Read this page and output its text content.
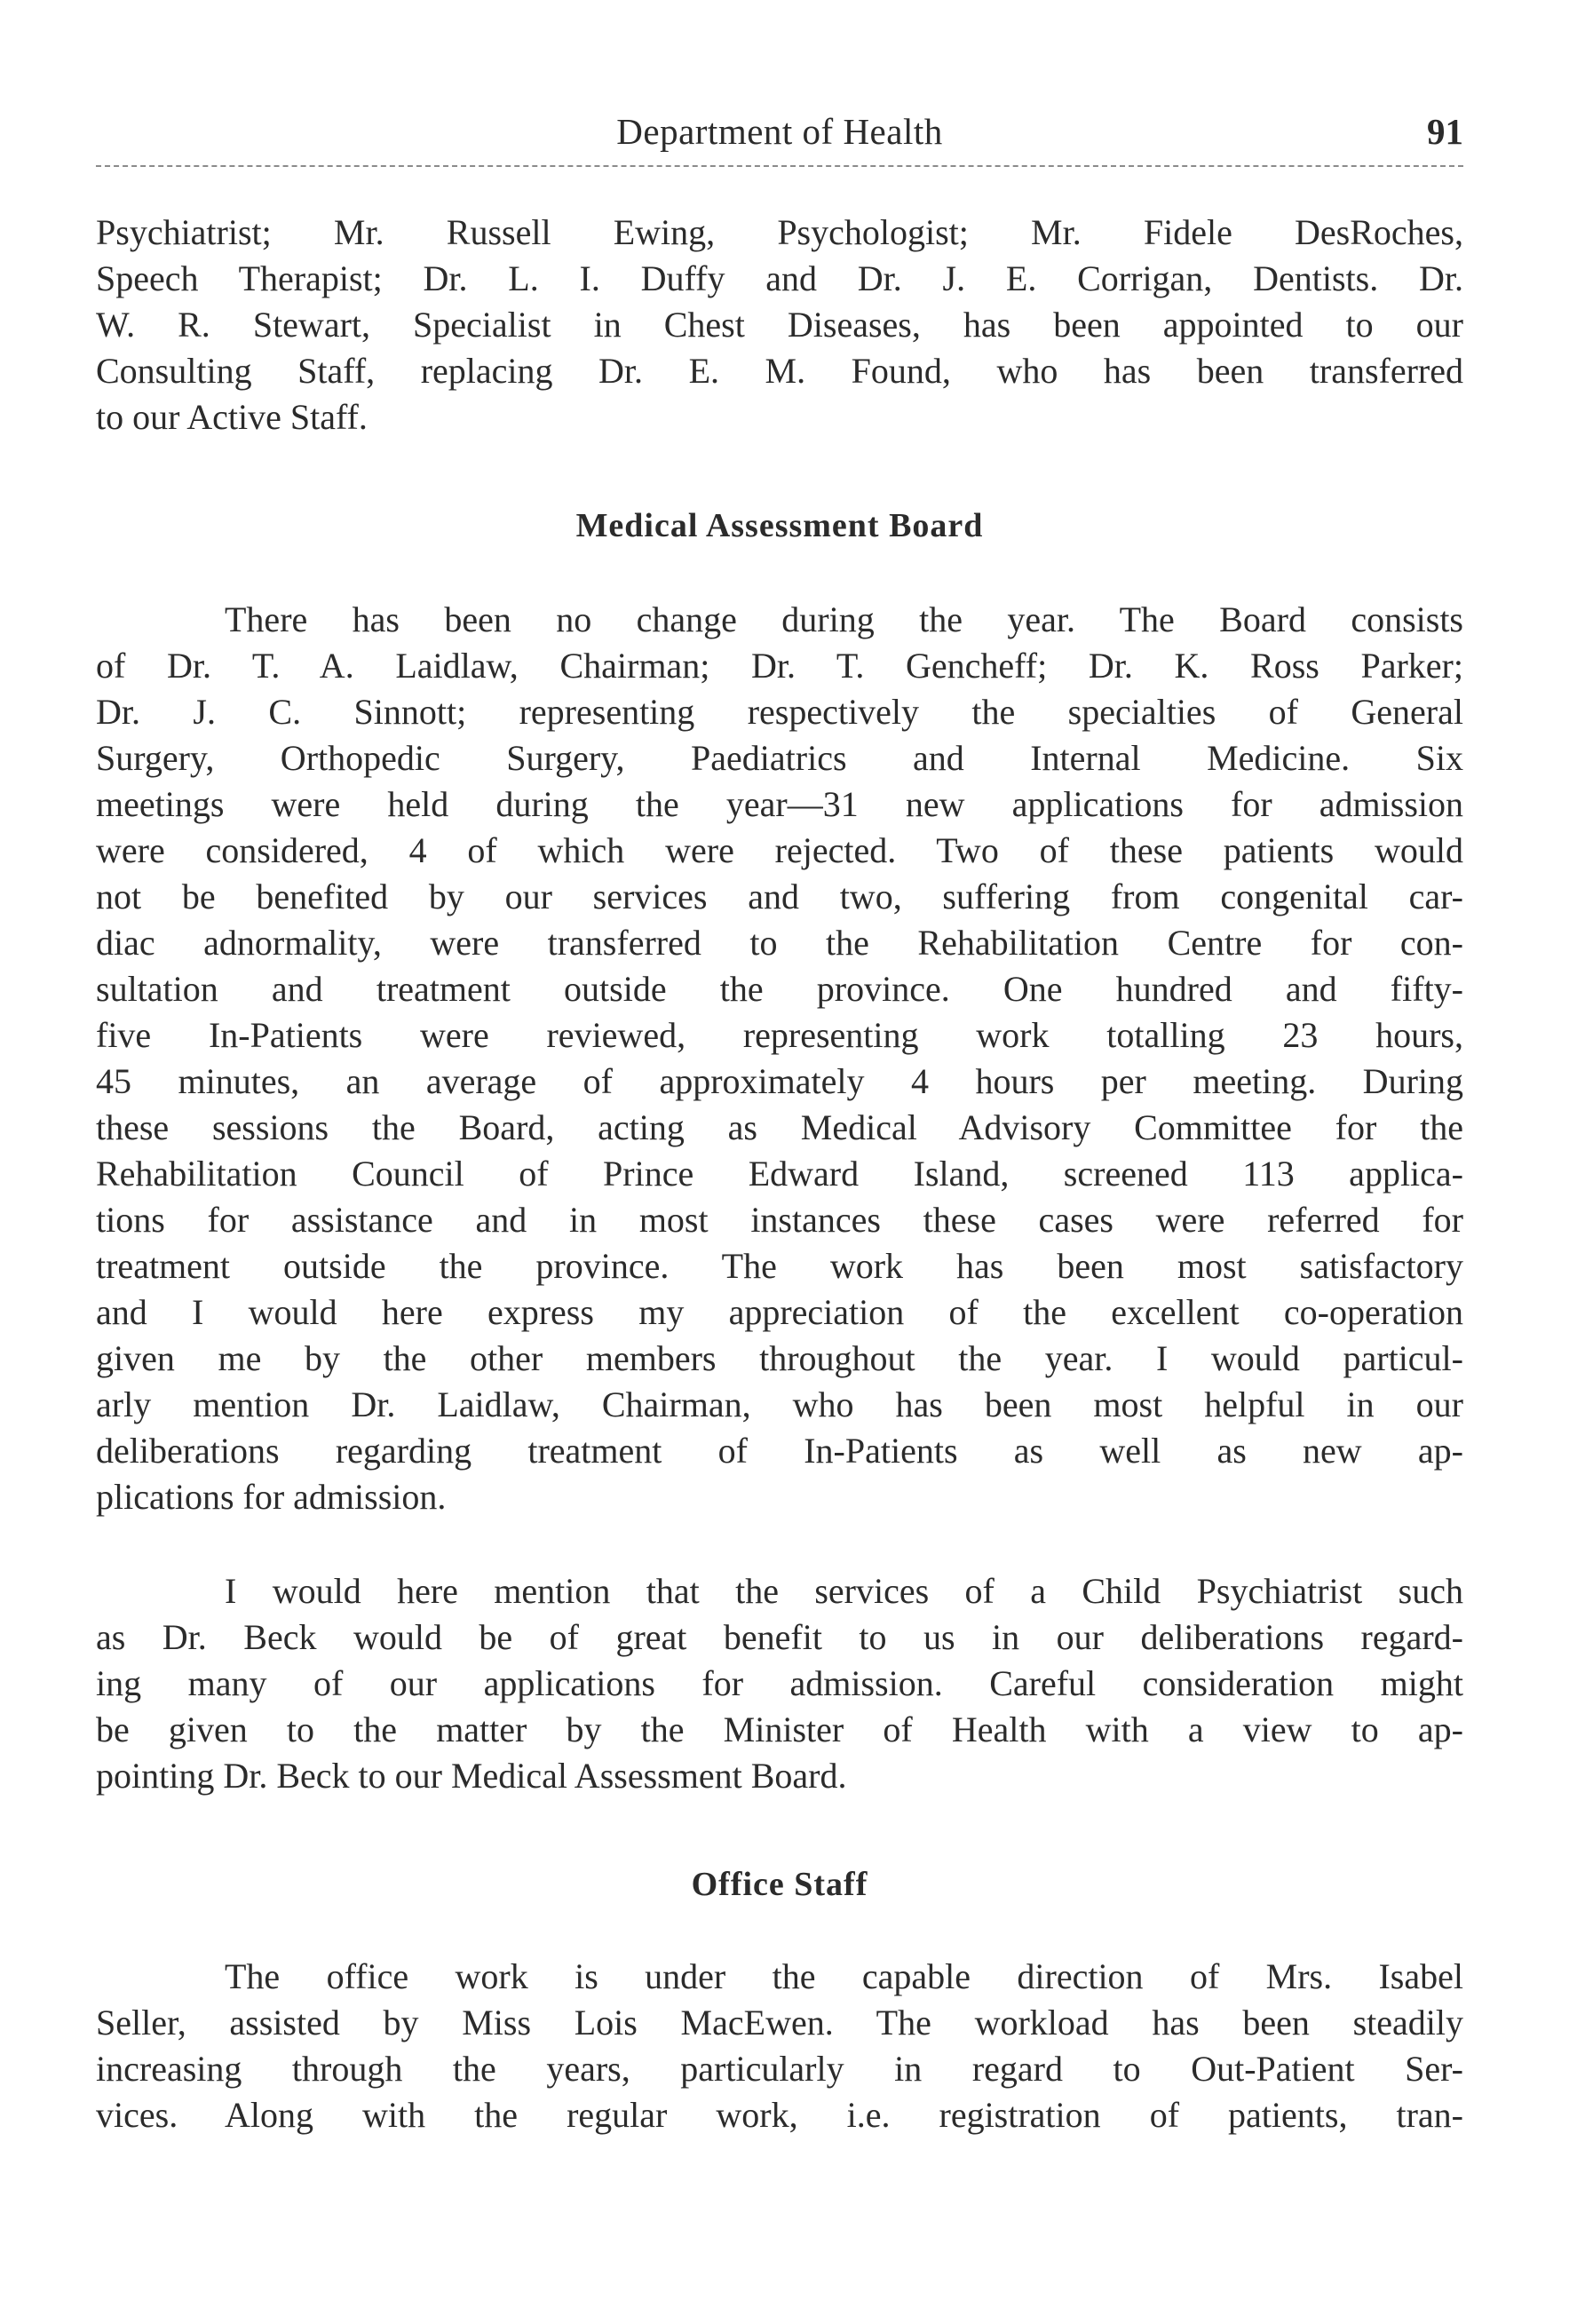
Department of Health	91
Psychiatrist; Mr. Russell Ewing, Psychologist; Mr. Fidele DesRoches,
Speech Therapist; Dr. L. I. Duffy and Dr. J. E. Corrigan, Dentists. Dr.
W. R. Stewart, Specialist in Chest Diseases, has been appointed to our
Consulting Staff, replacing Dr. E. M. Found, who has been transferred
to our Active Staff.
Medical Assessment Board
There has been no change during the year. The Board consists
of Dr. T. A. Laidlaw, Chairman; Dr. T. Gencheff; Dr. K. Ross Parker;
Dr. J. C. Sinnott; representing respectively the specialties of General
Surgery, Orthopedic Surgery, Paediatrics and Internal Medicine. Six
meetings were held during the year—31 new applications for admission
were considered, 4 of which were rejected. Two of these patients would
not be benefited by our services and two, suffering from congenital car-
diac adnormality, were transferred to the Rehabilitation Centre for con-
sultation and treatment outside the province. One hundred and fifty-
five In-Patients were reviewed, representing work totalling 23 hours,
45 minutes, an average of approximately 4 hours per meeting. During
these sessions the Board, acting as Medical Advisory Committee for the
Rehabilitation Council of Prince Edward Island, screened 113 applica-
tions for assistance and in most instances these cases were referred for
treatment outside the province. The work has been most satisfactory
and I would here express my appreciation of the excellent co-operation
given me by the other members throughout the year. I would particul-
arly mention Dr. Laidlaw, Chairman, who has been most helpful in our
deliberations regarding treatment of In-Patients as well as new ap-
plications for admission.
I would here mention that the services of a Child Psychiatrist such
as Dr. Beck would be of great benefit to us in our deliberations regard-
ing many of our applications for admission. Careful consideration might
be given to the matter by the Minister of Health with a view to ap-
pointing Dr. Beck to our Medical Assessment Board.
Office Staff
The office work is under the capable direction of Mrs. Isabel
Seller, assisted by Miss Lois MacEwen. The workload has been steadily
increasing through the years, particularly in regard to Out-Patient Ser-
vices. Along with the regular work, i.e. registration of patients, tran-
